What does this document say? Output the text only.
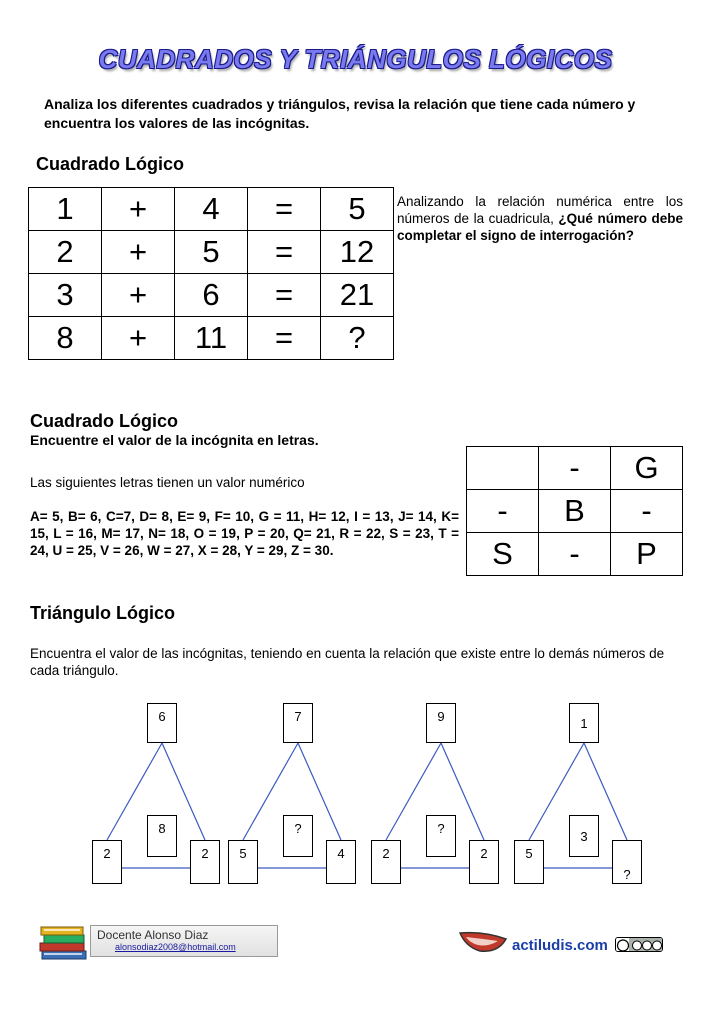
CUADRADOS Y TRIÁNGULOS LÓGICOS
Analiza los diferentes cuadrados y triángulos, revisa la relación que tiene cada número y encuentra los valores de las incógnitas.
Cuadrado Lógico
1	+	4	=	5
2	+	5	=	12
3	+	6	=	21
8	+	11	=	?
Analizando la relación numérica entre los números de la cuadricula, ¿Qué número debe completar el signo de interrogación?
Cuadrado Lógico
Encuentre el valor de la incógnita en letras.
Las siguientes letras tienen un valor numérico
A= 5, B= 6, C=7, D= 8, E= 9, F= 10, G = 11, H= 12, I = 13, J= 14, K= 15, L = 16, M= 17, N= 18, O = 19, P = 20, Q= 21, R = 22, S = 23, T = 24, U = 25, V = 26, W = 27, X = 28, Y = 29, Z = 30.
	-	G
-	B	-
S	-	P
Triángulo Lógico
Encuentra el valor de las incógnitas, teniendo en cuenta la relación que existe entre lo demás números de cada triángulo.
6
8
2	2
7
?
5	4
9
?
2	2
1
3
5
?
Docente Alonso Diaz
alonsodiaz2008@hotmail.com	actiludis.com
